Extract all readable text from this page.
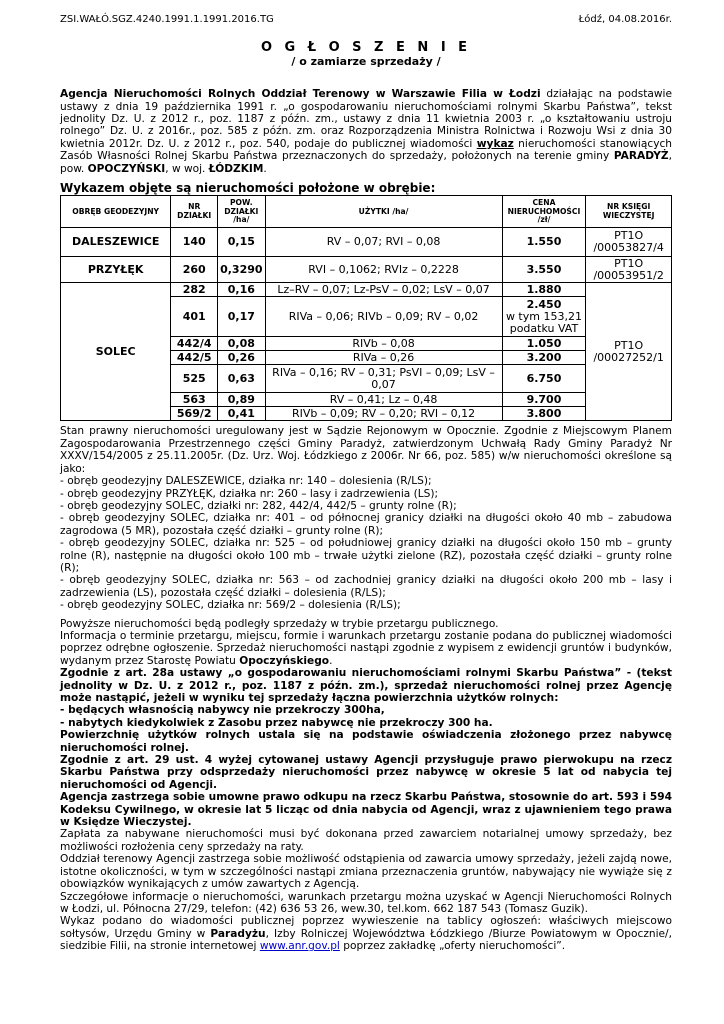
ZSI.WAŁÓ.SGZ.4240.1991.1.1991.2016.TG	Łódź, 04.08.2016r.
O G Ł O S Z E N I E
/ o zamiarze sprzedaży /

Agencja Nieruchomości Rolnych Oddział Terenowy w Warszawie Filia w Łodzi działając na podstawie ustawy z dnia 19 października 1991 r. „o gospodarowaniu nieruchomościami rolnymi Skarbu Państwa”, tekst jednolity Dz. U. z 2012 r., poz. 1187 z późn. zm., ustawy z dnia 11 kwietnia 2003 r. „o kształtowaniu ustroju rolnego” Dz. U. z 2016r., poz. 585 z późn. zm. oraz Rozporządzenia Ministra Rolnictwa i Rozwoju Wsi z dnia 30 kwietnia 2012r. Dz. U. z 2012 r., poz. 540, podaje do publicznej wiadomości wykaz nieruchomości stanowiących Zasób Własności Rolnej Skarbu Państwa przeznaczonych do sprzedaży, położonych na terenie gminy PARADYŻ, pow. OPOCZYŃSKI, w woj. ŁÓDZKIM.

Wykazem objęte są nieruchomości położone w obrębie:
OBRĘB GEODEZYJNY	NR DZIAŁKI	POW. DZIAŁKI /ha/	UŻYTKI /ha/	CENA NIERUCHOMOŚCI /zł/	NR KSIĘGI WIECZYSTEJ
DALESZEWICE	140	0,15	RV – 0,07; RVI – 0,08	1.550	PT1O /00053827/4
PRZYŁĘK	260	0,3290	RVI – 0,1062; RVIz – 0,2228	3.550	PT1O /00053951/2
SOLEC	282	0,16	Lz–RV – 0,07; Lz-PsV – 0,02; LsV – 0,07	1.880	PT1O /00027252/1
	401	0,17	RIVa – 0,06; RIVb – 0,09; RV – 0,02	2.450
w tym 153,21 podatku VAT	
	442/4	0,08	RIVb – 0,08	1.050	
	442/5	0,26	RIVa – 0,26	3.200	
	525	0,63	RIVa – 0,16; RV – 0,31; PsVI – 0,09; LsV – 0,07	6.750	
	563	0,89	RV – 0,41; Lz – 0,48	9.700	
	569/2	0,41	RIVb – 0,09; RV – 0,20; RVI – 0,12	3.800	

Stan prawny nieruchomości uregulowany jest w Sądzie Rejonowym w Opocznie. Zgodnie z Miejscowym Planem Zagospodarowania Przestrzennego części Gminy Paradyż, zatwierdzonym Uchwałą Rady Gminy Paradyż Nr XXXV/154/2005 z 25.11.2005r. (Dz. Urz. Woj. Łódzkiego z 2006r. Nr 66, poz. 585) w/w nieruchomości określone są jako:

- obręb geodezyjny DALESZEWICE, działka nr: 140 – dolesienia (R/LS);

- obręb geodezyjny PRZYŁĘK, działka nr: 260 – lasy i zadrzewienia (LS);

- obręb geodezyjny SOLEC, działki nr: 282, 442/4, 442/5 – grunty rolne (R);

- obręb geodezyjny SOLEC, działka nr: 401 – od północnej granicy działki na długości około 40 mb – zabudowa zagrodowa (5 MR), pozostała część działki – grunty rolne (R);

- obręb geodezyjny SOLEC, działka nr: 525 – od południowej granicy działki na długości około 150 mb – grunty rolne (R), następnie na długości około 100 mb – trwałe użytki zielone (RZ), pozostała część działki – grunty rolne (R);

- obręb geodezyjny SOLEC, działka nr: 563 – od zachodniej granicy działki na długości około 200 mb – lasy i zadrzewienia (LS), pozostała część działki – dolesienia (R/LS);

- obręb geodezyjny SOLEC, działka nr: 569/2 – dolesienia (R/LS);

Powyższe nieruchomości będą podległy sprzedaży w trybie przetargu publicznego.

Informacja o terminie przetargu, miejscu, formie i warunkach przetargu zostanie podana do publicznej wiadomości poprzez odrębne ogłoszenie. Sprzedaż nieruchomości nastąpi zgodnie z wypisem z ewidencji gruntów i budynków, wydanym przez Starostę Powiatu Opoczyńskiego.

Zgodnie z art. 28a ustawy „o gospodarowaniu nieruchomościami rolnymi Skarbu Państwa” - (tekst jednolity w Dz. U. z 2012 r., poz. 1187 z późn. zm.), sprzedaż nieruchomości rolnej przez Agencję może nastąpić, jeżeli w wyniku tej sprzedaży łączna powierzchnia użytków rolnych:

- będących własnością nabywcy nie przekroczy 300ha,

- nabytych kiedykolwiek z Zasobu przez nabywcę nie przekroczy 300 ha.

Powierzchnię użytków rolnych ustala się na podstawie oświadczenia złożonego przez nabywcę nieruchomości rolnej.

Zgodnie z art. 29 ust. 4 wyżej cytowanej ustawy Agencji przysługuje prawo pierwokupu na rzecz Skarbu Państwa przy odsprzedaży nieruchomości przez nabywcę w okresie 5 lat od nabycia tej nieruchomości od Agencji.

Agencja zastrzega sobie umowne prawo odkupu na rzecz Skarbu Państwa, stosownie do art. 593 i 594 Kodeksu Cywilnego, w okresie lat 5 licząc od dnia nabycia od Agencji, wraz z ujawnieniem tego prawa w Księdze Wieczystej.

Zapłata za nabywane nieruchomości musi być dokonana przed zawarciem notarialnej umowy sprzedaży, bez możliwości rozłożenia ceny sprzedaży na raty.

Oddział terenowy Agencji zastrzega sobie możliwość odstąpienia od zawarcia umowy sprzedaży, jeżeli zajdą nowe, istotne okoliczności, w tym w szczególności nastąpi zmiana przeznaczenia gruntów, nabywający nie wywiąże się z obowiązków wynikających z umów zawartych z Agencją.

Szczegółowe informacje o nieruchomości, warunkach przetargu można uzyskać w Agencji Nieruchomości Rolnych w Łodzi, ul. Północna 27/29, telefon: (42) 636 53 26, wew.30, tel.kom. 662 187 543 (Tomasz Guzik).

Wykaz podano do wiadomości publicznej poprzez wywieszenie na tablicy ogłoszeń: właściwych miejscowo sołtysów, Urzędu Gminy w Paradyżu, Izby Rolniczej Województwa Łódzkiego /Biurze Powiatowym w Opocznie/, siedzibie Filii, na stronie internetowej www.anr.gov.pl poprzez zakładkę „oferty nieruchomości”.
